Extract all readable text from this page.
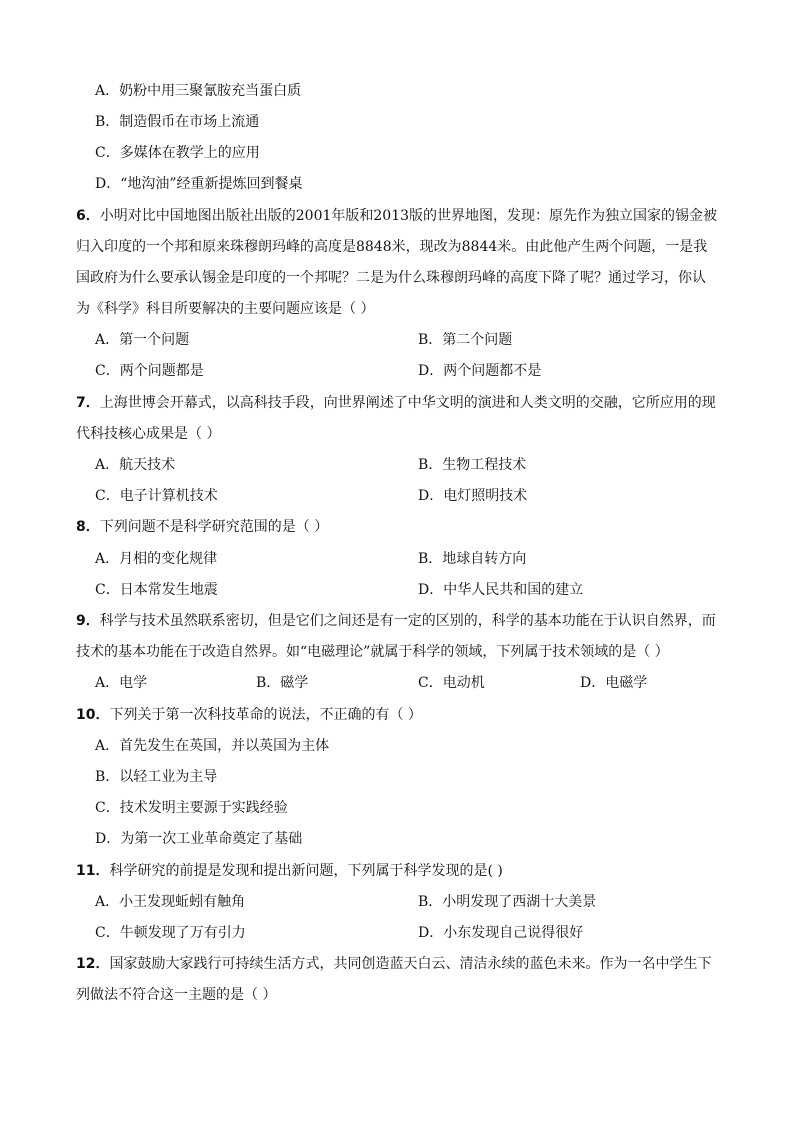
A．奶粉中用三聚氰胺充当蛋白质
B．制造假币在市场上流通
C．多媒体在教学上的应用
D．“地沟油”经重新提炼回到餐桌
6．小明对比中国地图出版社出版的2001年版和2013版的世界地图，发现：原先作为独立国家的锡金被
归入印度的一个邦和原来珠穆朗玛峰的高度是8848米，现改为8844米。由此他产生两个问题，一是我
国政府为什么要承认锡金是印度的一个邦呢？二是为什么珠穆朗玛峰的高度下降了呢？通过学习，你认
为《科学》科目所要解决的主要问题应该是（ ）
A．第一个问题	B．第二个问题
C．两个问题都是	D．两个问题都不是
7．上海世博会开幕式，以高科技手段，向世界阐述了中华文明的演进和人类文明的交融，它所应用的现
代科技核心成果是（ ）
A．航天技术	B．生物工程技术
C．电子计算机技术	D．电灯照明技术
8．下列问题不是科学研究范围的是（ ）
A．月相的变化规律	B．地球自转方向
C．日本常发生地震	D．中华人民共和国的建立
9．科学与技术虽然联系密切，但是它们之间还是有一定的区别的，科学的基本功能在于认识自然界，而
技术的基本功能在于改造自然界。如“电磁理论”就属于科学的领域，下列属于技术领域的是（ ）
A．电学	B．磁学	C．电动机	D．电磁学
10．下列关于第一次科技革命的说法，不正确的有（ ）
A．首先发生在英国，并以英国为主体
B．以轻工业为主导
C．技术发明主要源于实践经验
D．为第一次工业革命奠定了基础
11．科学研究的前提是发现和提出新问题，下列属于科学发现的是( )
A．小王发现蚯蚓有触角	B．小明发现了西湖十大美景
C．牛顿发现了万有引力	D．小东发现自己说得很好
12．国家鼓励大家践行可持续生活方式，共同创造蓝天白云、清洁永续的蓝色未来。作为一名中学生下
列做法不符合这一主题的是（ ）
